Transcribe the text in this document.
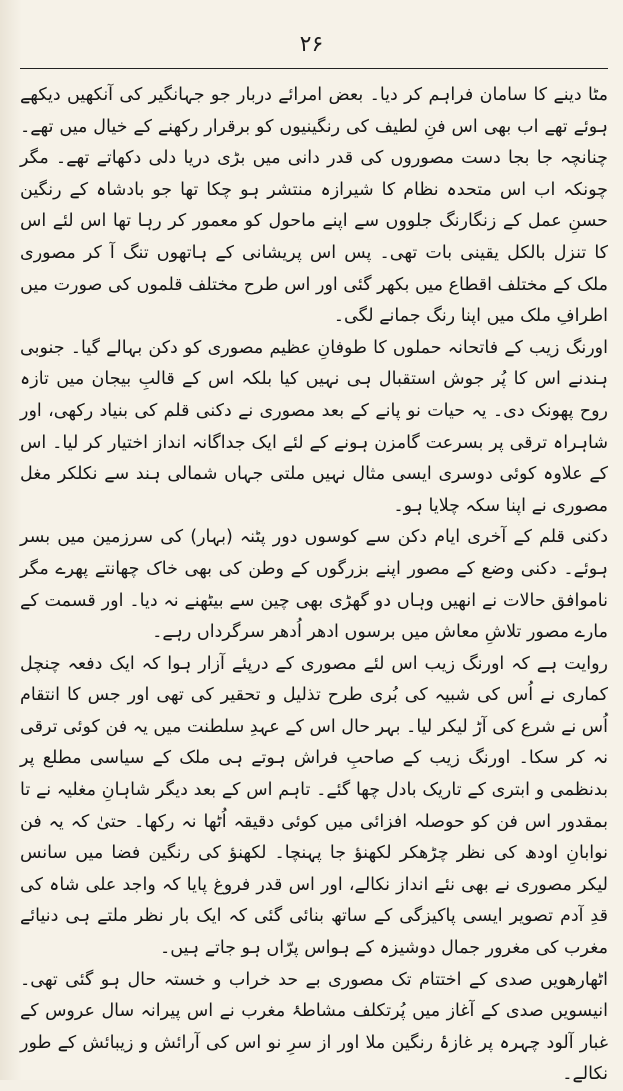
۲۶

مٹا دینے کا سامان فراہم کر دیا۔ بعض امرائے دربار جو جہانگیر کی آنکھیں دیکھے ہوئے تھے اب بھی اس فنِ لطیف کی رنگینیوں کو برقرار رکھنے کے خیال میں تھے۔ چنانچہ جا بجا دست مصوروں کی قدر دانی میں بڑی دریا دلی دکھاتے تھے۔ مگر چونکہ اب اس متحدہ نظام کا شیرازہ منتشر ہو چکا تھا جو بادشاہ کے رنگین حسنِ عمل کے زنگارنگ جلووں سے اپنے ماحول کو معمور کر رہا تھا اس لئے اس کا تنزل بالکل یقینی بات تھی۔ پس اس پریشانی کے ہاتھوں تنگ آ کر مصوری ملک کے مختلف اقطاع میں بکھر گئی اور اس طرح مختلف قلموں کی صورت میں اطرافِ ملک میں اپنا رنگ جمانے لگی۔

اورنگ زیب کے فاتحانہ حملوں کا طوفانِ عظیم مصوری کو دکن بہالے گیا۔ جنوبی ہندنے اس کا پُر جوش استقبال ہی نہیں کیا بلکہ اس کے قالبِ بیجان میں تازہ روح پھونک دی۔ یہ حیات نو پانے کے بعد مصوری نے دکنی قلم کی بنیاد رکھی، اور شاہراہ ترقی پر بسرعت گامزن ہونے کے لئے ایک جداگانہ انداز اختیار کر لیا۔ اس کے علاوہ کوئی دوسری ایسی مثال نہیں ملتی جہاں شمالی ہند سے نکلکر مغل مصوری نے اپنا سکہ چلایا ہو۔

دکنی قلم کے آخری ایام دکن سے کوسوں دور پٹنہ (بہار) کی سرزمین میں بسر ہوئے۔ دکنی وضع کے مصور اپنے بزرگوں کے وطن کی بھی خاک چھانتے پھرے مگر ناموافق حالات نے انھیں وہاں دو گھڑی بھی چین سے بیٹھنے نہ دیا۔ اور قسمت کے مارے مصور تلاشِ معاش میں برسوں ادھر اُدھر سرگرداں رہے۔

روایت ہے کہ اورنگ زیب اس لئے مصوری کے درپئے آزار ہوا کہ ایک دفعہ چنچل کماری نے اُس کی شبیہ کی بُری طرح تذلیل و تحقیر کی تھی اور جس کا انتقام اُس نے شرع کی آڑ لیکر لیا۔ بہر حال اس کے عہدِ سلطنت میں یہ فن کوئی ترقی نہ کر سکا۔ اورنگ زیب کے صاحبِ فراش ہوتے ہی ملک کے سیاسی مطلع پر بدنظمی و ابتری کے تاریک بادل چھا گئے۔ تاہم اس کے بعد دیگر شاہانِ مغلیہ نے تا بمقدور اس فن کو حوصلہ افزائی میں کوئی دقیقہ اُٹھا نہ رکھا۔ حتیٰ کہ یہ فن نوابانِ اودھ کی نظر چڑھکر لکھنؤ جا پہنچا۔ لکھنؤ کی رنگین فضا میں سانس لیکر مصوری نے بھی نئے انداز نکالے، اور اس قدر فروغ پایا کہ واجد علی شاہ کی قدِ آدم تصویر ایسی پاکیزگی کے ساتھ بنائی گئی کہ ایک بار نظر ملتے ہی دنیائے مغرب کی مغرور جمال دوشیزہ کے ہواس پرّاں ہو جاتے ہیں۔

اٹھارھویں صدی کے اختتام تک مصوری بے حد خراب و خستہ حال ہو گئی تھی۔ انیسویں صدی کے آغاز میں پُرتکلف مشاطۂ مغرب نے اس پیرانہ سال عروس کے غبار آلود چہرہ پر غازۂ رنگین ملا اور از سرِ نو اس کی آرائش و زیبائش کے طور نکالے۔
